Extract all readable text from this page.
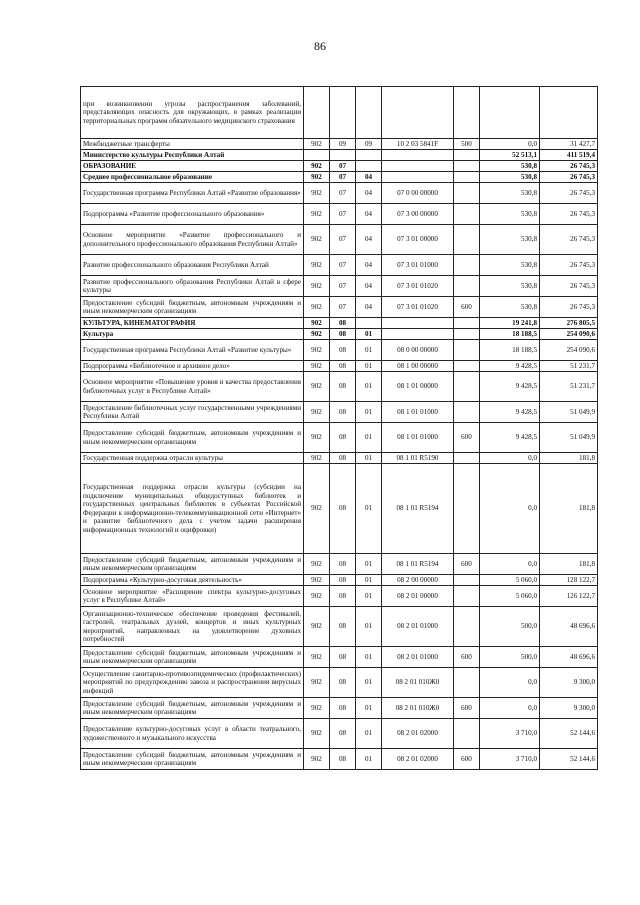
86
при возникновении угрозы распространения заболеваний, представляющих опасность для окружающих, в рамках реализации территориальных программ обязательного медицинского страхования							
Межбюджетные трансферты	902	09	09	10 2 03 5841F	500	0,0	31 427,7
Министерство культуры Республики Алтай						52 513,1	411 519,4
ОБРАЗОВАНИЕ	902	07				530,8	26 745,3
Среднее профессиональное образование	902	07	04			530,8	26 745,3
Государственная программа Республики Алтай «Развитие образования»	902	07	04	07 0 00 00000		530,8	26 745,3
Подпрограмма «Развитие профессионального образования»	902	07	04	07 3 00 00000		530,8	26 745,3
Основное мероприятие «Развитие профессионального и дополнительного профессионального образования Республики Алтай»	902	07	04	07 3 01 00000		530,8	26 745,3
Развитие профессионального образования Республики Алтай	902	07	04	07 3 01 01000		530,8	26 745,3
Развитие профессионального образования Республики Алтай в сфере культуры	902	07	04	07 3 01 01020		530,8	26 745,3
Предоставление субсидий бюджетным, автономным учреждениям и иным некоммерческим организациям	902	07	04	07 3 01 01020	600	530,8	26 745,3
КУЛЬТУРА, КИНЕМАТОГРАФИЯ	902	08				19 241,8	276 805,5
Культура	902	08	01			18 188,5	254 090,6
Государственная программа Республики Алтай «Развитие культуры»	902	08	01	08 0 00 00000		18 188,5	254 090,6
Подпрограмма «Библиотечное и архивное дело»	902	08	01	08 1 00 00000		9 428,5	51 231,7
Основное мероприятие «Повышение уровня и качества предоставления библиотечных услуг в Республике Алтай»	902	08	01	08 1 01 00000		9 428,5	51 231,7
Предоставление библиотечных услуг государственными учреждениями Республики Алтай	902	08	01	08 1 01 01000		9 428,5	51 049,9
Предоставление субсидий бюджетным, автономным учреждениям и иным некоммерческим организациям	902	08	01	08 1 01 01000	600	9 428,5	51 049,9
Государственная поддержка отрасли культуры	902	08	01	08 1 01 R5190		0,0	181,8
Государственная поддержка отрасли культуры (субсидии на подключение муниципальных общедоступных библиотек и государственных центральных библиотек в субъектах Российской Федерации к информационно-телекоммуникационной сети «Интернет» и развитие библиотечного дела с учетом задачи расширения информационных технологий и оцифровки)	902	08	01	08 1 01 R5194		0,0	181,8
Предоставление субсидий бюджетным, автономным учреждениям и иным некоммерческим организациям	902	08	01	08 1 01 R5194	600	0,0	181,8
Подпрограмма «Культурно-досуговая деятельность»	902	08	01	08 2 00 00000		5 060,0	128 122,7
Основное мероприятие «Расширение спектра культурно-досуговых услуг в Республике Алтай»	902	08	01	08 2 01 00000		5 060,0	126 122,7
Организационно-техническое обеспечение проведения фестивалей, гастролей, театральных дуэлей, концертов и иных культурных мероприятий, направленных на удовлетворение духовных потребностей	902	08	01	08 2 01 01000		500,0	48 696,6
Предоставление субсидий бюджетным, автономным учреждениям и иным некоммерческим организациям	902	08	01	08 2 01 01000	600	500,0	48 696,6
Осуществление санитарно-противоэпидемических (профилактических) мероприятий по предупреждению завоза и распространения вирусных инфекций	902	08	01	08 2 01 010Ж0		0,0	9 300,0
Предоставление субсидий бюджетным, автономным учреждениям и иным некоммерческим организациям	902	08	01	08 2 01 010Ж0	600	0,0	9 300,0
Предоставление культурно-досуговых услуг в области театрального, художественного и музыкального искусства	902	08	01	08 2 01 02000		3 710,0	52 144,6
Предоставление субсидий бюджетным, автономным учреждениям и иным некоммерческим организациям	902	08	01	08 2 01 02000	600	3 710,0	52 144,6
